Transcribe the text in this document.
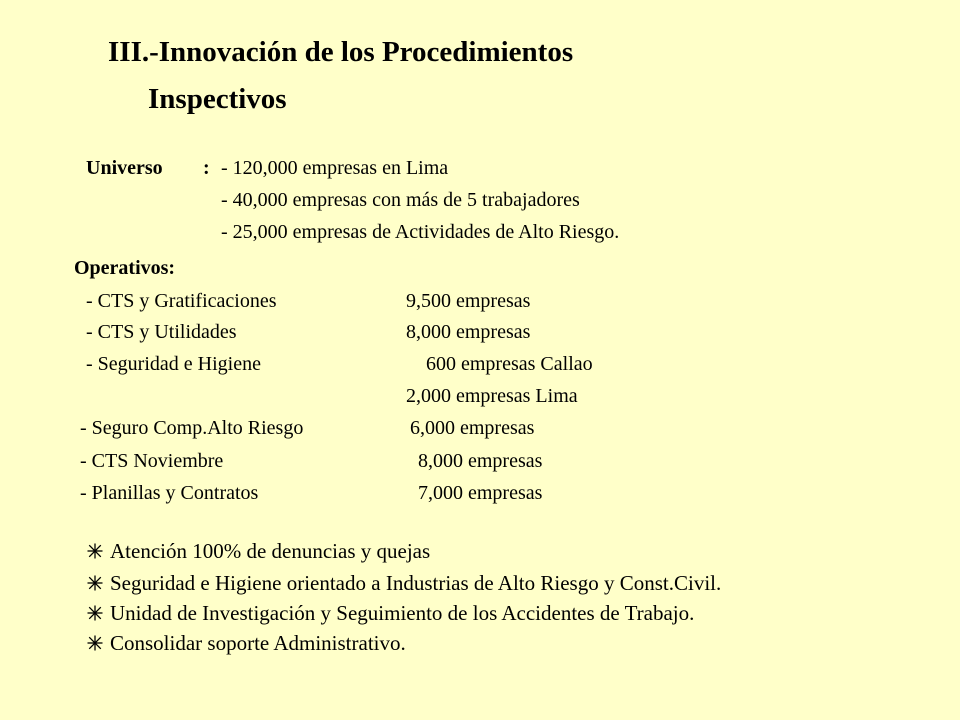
III.-Innovación de los Procedimientos
Inspectivos
Universo : - 120,000 empresas en Lima
- 40,000 empresas con más de 5 trabajadores
- 25,000 empresas de Actividades de Alto Riesgo.
Operativos:
- CTS y Gratificaciones	9,500 empresas
- CTS y Utilidades	8,000 empresas
- Seguridad e Higiene	600 empresas Callao
2,000 empresas Lima
- Seguro Comp.Alto Riesgo	6,000 empresas
- CTS Noviembre	8,000 empresas
- Planillas y Contratos	7,000 empresas
Atención 100% de denuncias y quejas
Seguridad e Higiene orientado a Industrias de Alto Riesgo y Const.Civil.
Unidad de Investigación y Seguimiento de los Accidentes de Trabajo.
Consolidar soporte Administrativo.
